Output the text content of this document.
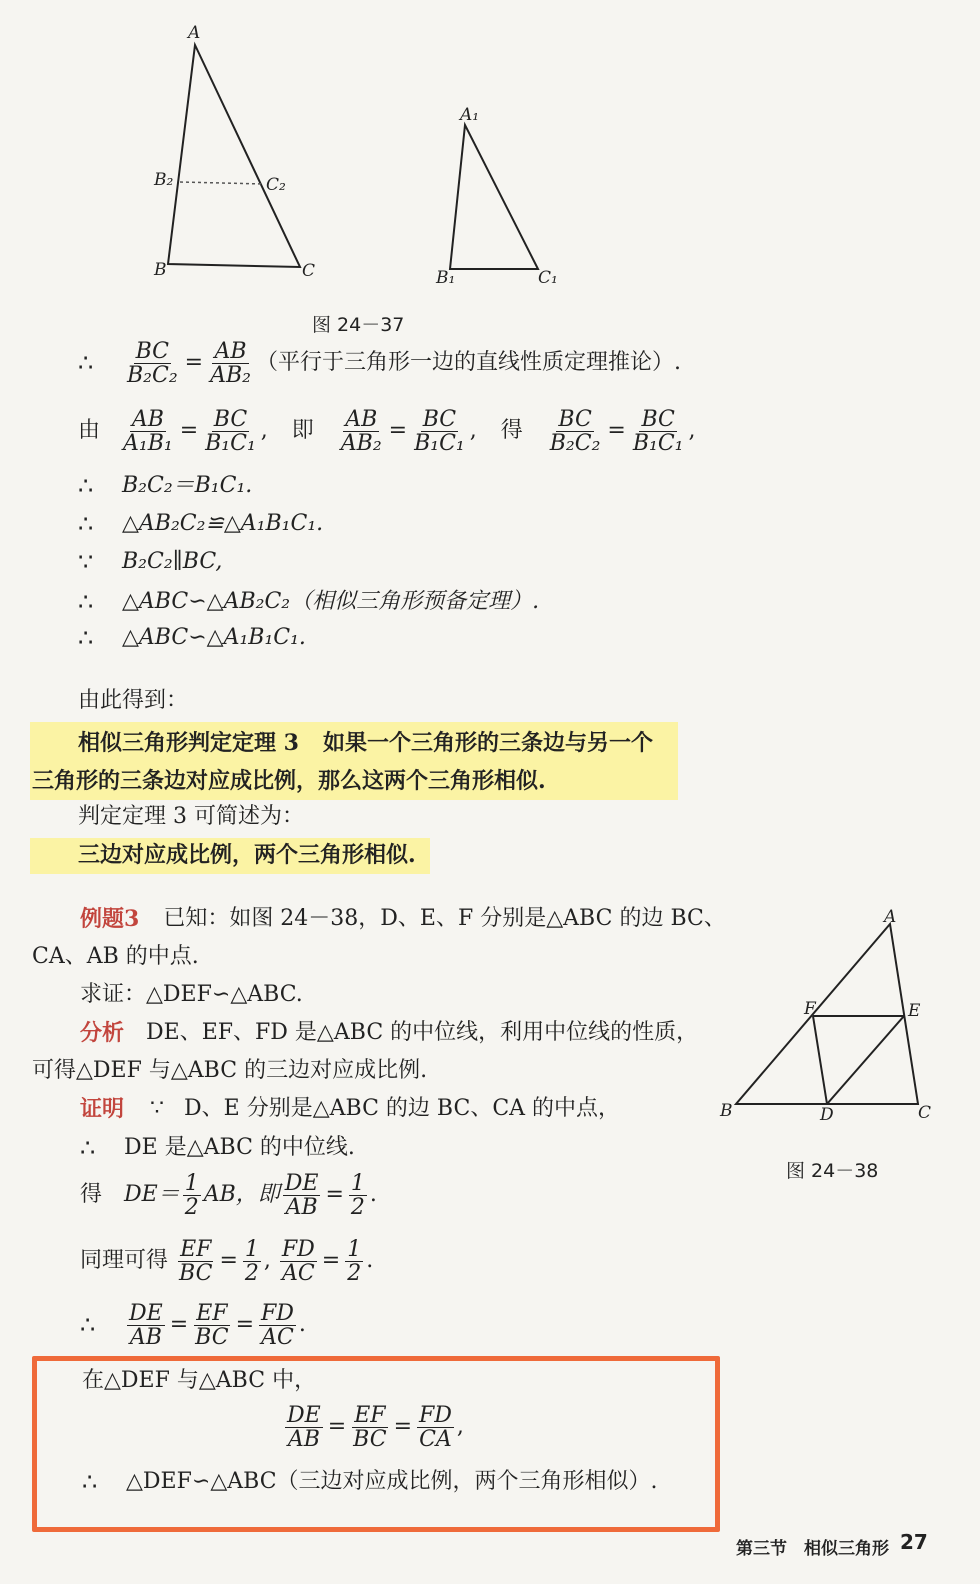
A
B₂	C₂
B	C
A₁
B₁	C₁
图 24－37
∴	$\frac{BC}{\text{B₂C₂}} = \frac{AB}{\text{AB₂}}$ （平行于三角形一边的直线性质定理推论）.
由 $\frac{AB}{\text{A₁B₁}} = \frac{BC}{\text{B₁C₁}}$ , 即 $\frac{AB}{\text{AB₂}} = \frac{BC}{\text{B₁C₁}}$ , 得 $\frac{BC}{\text{B₂C₂}} = \frac{BC}{\text{B₁C₁}}$ ,
∴	B₂C₂＝B₁C₁.
∴	△AB₂C₂≌△A₁B₁C₁.
∵	B₂C₂∥BC,
∴	△ABC∽△AB₂C₂（相似三角形预备定理）.
∴	△ABC∽△A₁B₁C₁.
由此得到：
相似三角形判定定理 3 如果一个三角形的三条边与另一个
三角形的三条边对应成比例，那么这两个三角形相似.
判定定理 3 可简述为：
三边对应成比例，两个三角形相似.
例题3 已知：如图 24－38，D、E、F 分别是△ABC 的边 BC、
CA、AB 的中点.
求证：△DEF∽△ABC.
分析 DE、EF、FD 是△ABC 的中位线，利用中位线的性质，
可得△DEF 与△ABC 的三边对应成比例.
证明 ∵ D、E 分别是△ABC 的边 BC、CA 的中点，
∴	DE 是△ABC 的中位线.
得 $DE= \frac{1}{2}$ AB，即 $\frac{DE}{AB} = \frac{1}{2}$ .
同理可得 $\frac{EF}{BC} = \frac{1}{2}$ , $\frac{FD}{AC} = \frac{1}{2}$ .
∴	$\frac{DE}{AB} = \frac{EF}{BC} = \frac{FD}{AC}$ .
在△DEF 与△ABC 中，
$\frac{DE}{AB} = \frac{EF}{BC} = \frac{FD}{CA}$ ,
∴	△DEF∽△ABC（三边对应成比例，两个三角形相似）.
A
F	E
B	D	C
图 24－38
第三节 相似三角形 27
